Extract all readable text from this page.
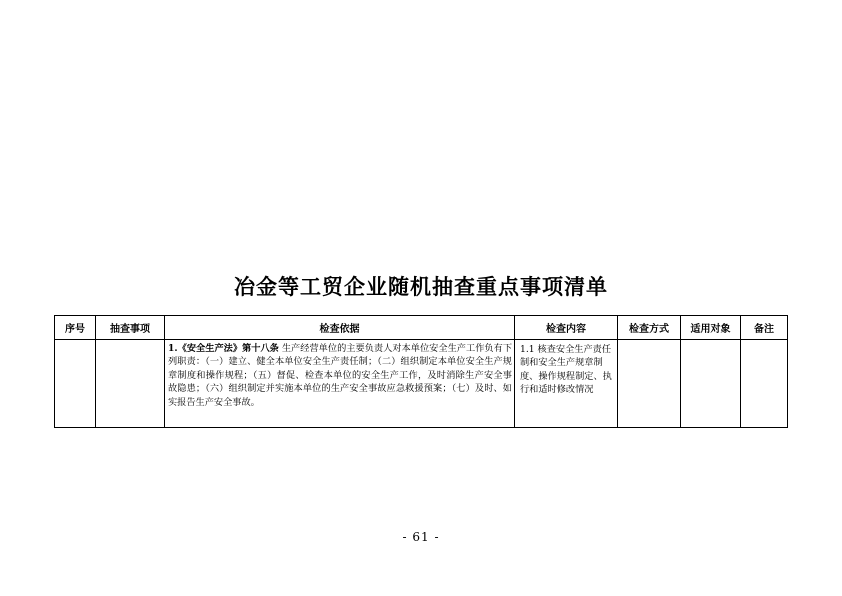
冶金等工贸企业随机抽查重点事项清单
序号	抽查事项	检查依据	检查内容	检查方式	适用对象	备注
		1.《安全生产法》第十八条 生产经营单位的主要负责人对本单位安全生产工作负有下列职责：（一）建立、健全本单位安全生产责任制；（二）组织制定本单位安全生产规章制度和操作规程；（五）督促、检查本单位的安全生产工作，及时消除生产安全事故隐患；（六）组织制定并实施本单位的生产安全事故应急救援预案；（七）及时、如实报告生产安全事故。	1.1 核查安全生产责任制和安全生产规章制度、操作规程制定、执行和适时修改情况			
- 61 -
